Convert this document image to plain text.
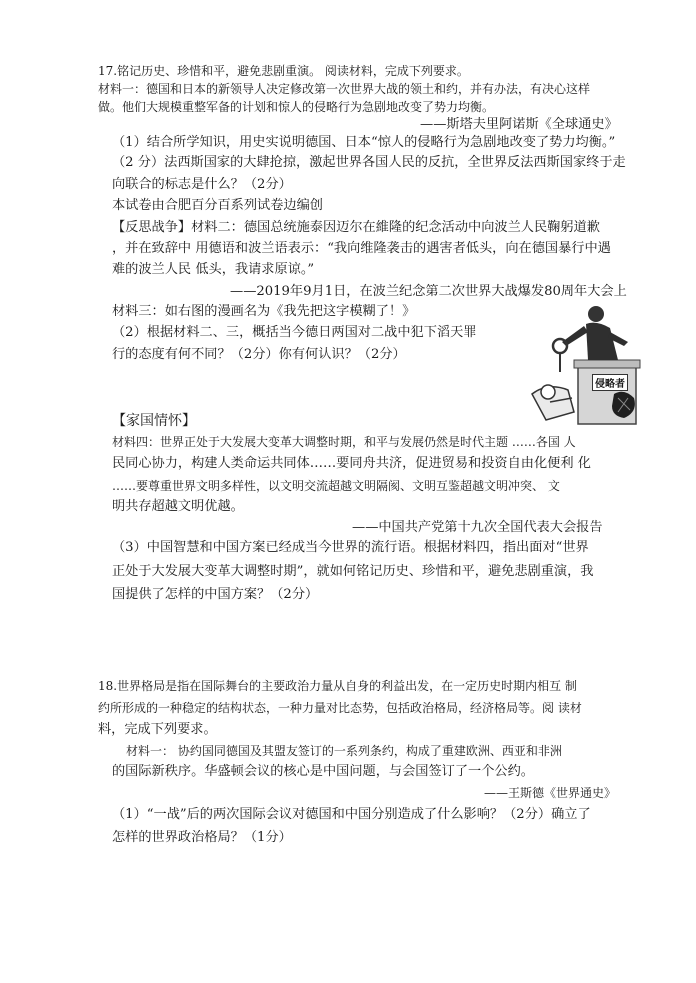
17.铭记历史、珍惜和平，避免悲剧重演。 阅读材料，完成下列要求。
材料一：德国和日本的新领导人决定修改第一次世界大战的领土和约，并有办法，有决心这样
做。他们大规模重整军备的计划和惊人的侵略行为急剧地改变了势力均衡。
——斯塔夫里阿诺斯《全球通史》
（1）结合所学知识，用史实说明德国、日本“惊人的侵略行为急剧地改变了势力均衡。”
（2 分）法西斯国家的大肆抢掠，激起世界各国人民的反抗，全世界反法西斯国家终于走
向联合的标志是什么？（2分）
本试卷由合肥百分百系列试卷边编创
【反思战争】材料二：德国总统施泰因迈尔在維隆的纪念活动中向波兰人民鞠躬道歉
，并在致辞中 用德语和波兰语表示：“我向维隆袭击的遇害者低头，向在德国暴行中遇
难的波兰人民 低头，我请求原谅。”
——2019年9月1日，在波兰纪念第二次世界大战爆发80周年大会上
材料三：如右图的漫画名为《我先把这字模糊了！》
（2）根据材料二、三，概括当今德日两国对二战中犯下滔天罪
行的态度有何不同？（2分）你有何认识？（2分）
侵略者
【家国情怀】
材料四：世界正处于大发展大变革大调整时期，和平与发展仍然是时代主题 ……各国 人
民同心协力，构建人类命运共同体……要同舟共济，促进贸易和投资自由化便利 化
……要尊重世界文明多样性，以文明交流超越文明隔阂、文明互鉴超越文明冲突、 文
明共存超越文明优越。
——中国共产党第十九次全国代表大会报告
（3）中国智慧和中国方案已经成当今世界的流行语。根据材料四，指出面对“世界
正处于大发展大变革大调整时期”，就如何铭记历史、珍惜和平，避免悲剧重演，我
国提供了怎样的中国方案？（2分）
18.世界格局是指在国际舞台的主要政治力量从自身的利益出发，在一定历史时期内相互 制
约所形成的一种稳定的结构状态，一种力量对比态势，包括政治格局，经济格局等。阅 读材
料，完成下列要求。
材料一： 协约国同德国及其盟友签订的一系列条约，构成了重建欧洲、西亚和非洲
的国际新秩序。华盛顿会议的核心是中国问题，与会国签订了一个公约。
——王斯德《世界通史》
（1）“一战”后的两次国际会议对德国和中国分别造成了什么影响？（2分）确立了
怎样的世界政治格局？（1分）
